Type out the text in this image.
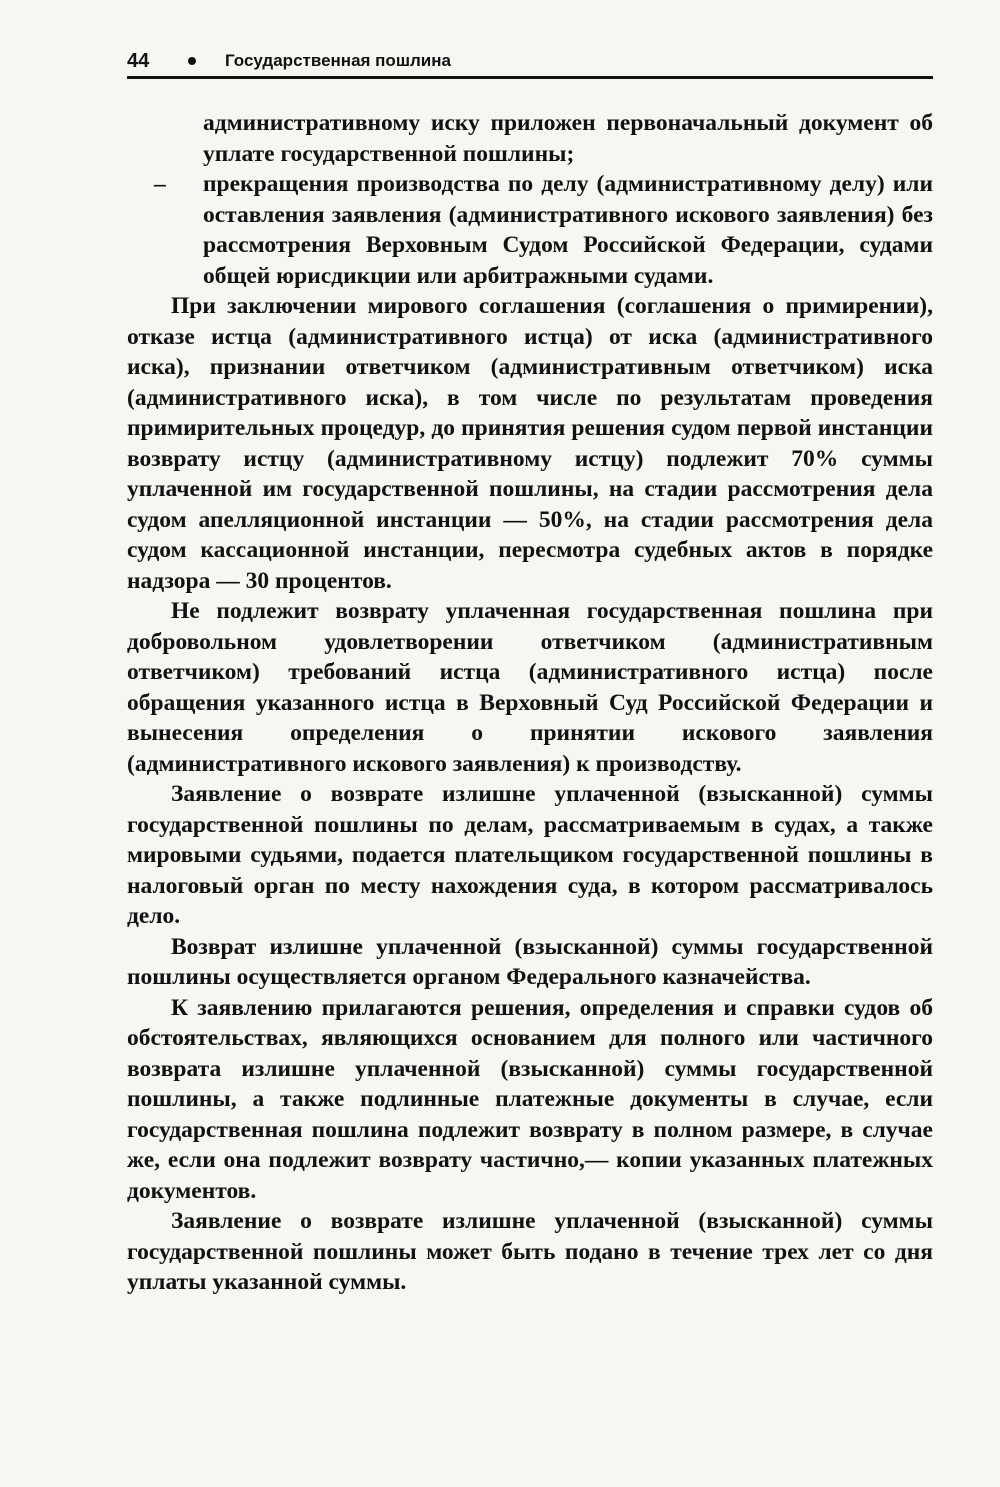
44	Государственная пошлина

административному иску приложен первоначальный документ об уплате государственной пошлины;

– прекращения производства по делу (административному делу) или оставления заявления (административного искового заявления) без рассмотрения Верховным Судом Российской Федерации, судами общей юрисдикции или арбитражными судами.

При заключении мирового соглашения (соглашения о примирении), отказе истца (административного истца) от иска (административного иска), признании ответчиком (административным ответчиком) иска (административного иска), в том числе по результатам проведения примирительных процедур, до принятия решения судом первой инстанции возврату истцу (административному истцу) подлежит 70% суммы уплаченной им государственной пошлины, на стадии рассмотрения дела судом апелляционной инстанции — 50%, на стадии рассмотрения дела судом кассационной инстанции, пересмотра судебных актов в порядке надзора — 30 процентов.

Не подлежит возврату уплаченная государственная пошлина при добровольном удовлетворении ответчиком (административным ответчиком) требований истца (административного истца) после обращения указанного истца в Верховный Суд Российской Федерации и вынесения определения о принятии искового заявления (административного искового заявления) к производству.

Заявление о возврате излишне уплаченной (взысканной) суммы государственной пошлины по делам, рассматриваемым в судах, а также мировыми судьями, подается плательщиком государственной пошлины в налоговый орган по месту нахождения суда, в котором рассматривалось дело.

Возврат излишне уплаченной (взысканной) суммы государственной пошлины осуществляется органом Федерального казначейства.

К заявлению прилагаются решения, определения и справки судов об обстоятельствах, являющихся основанием для полного или частичного возврата излишне уплаченной (взысканной) суммы государственной пошлины, а также подлинные платежные документы в случае, если государственная пошлина подлежит возврату в полном размере, в случае же, если она подлежит возврату частично,— копии указанных платежных документов.

Заявление о возврате излишне уплаченной (взысканной) суммы государственной пошлины может быть подано в течение трех лет со дня уплаты указанной суммы.
